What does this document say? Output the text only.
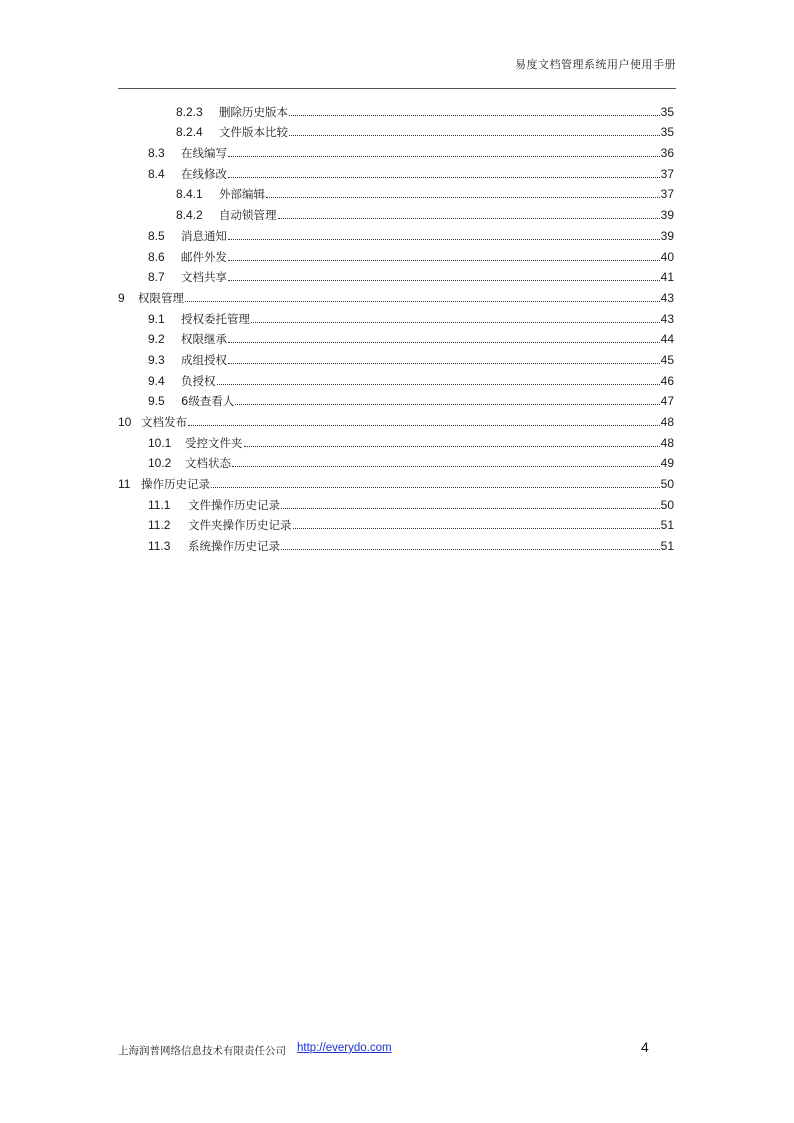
易度文档管理系统用户使用手册
8.2.3	删除历史版本	35
8.2.4	文件版本比较	35
8.3	在线编写	36
8.4	在线修改	37
8.4.1	外部编辑	37
8.4.2	自动锁管理	39
8.5	消息通知	39
8.6	邮件外发	40
8.7	文档共享	41
9	权限管理	43
9.1	授权委托管理	43
9.2	权限继承	44
9.3	成组授权	45
9.4	负授权	46
9.5	6级查看人	47
10 文档发布	48
10.1	受控文件夹	48
10.2	文档状态	49
11 操作历史记录	50
11.1	文件操作历史记录	50
11.2	文件夹操作历史记录	51
11.3	系统操作历史记录	51
上海润普网络信息技术有限责任公司 http://everydo.com	4
